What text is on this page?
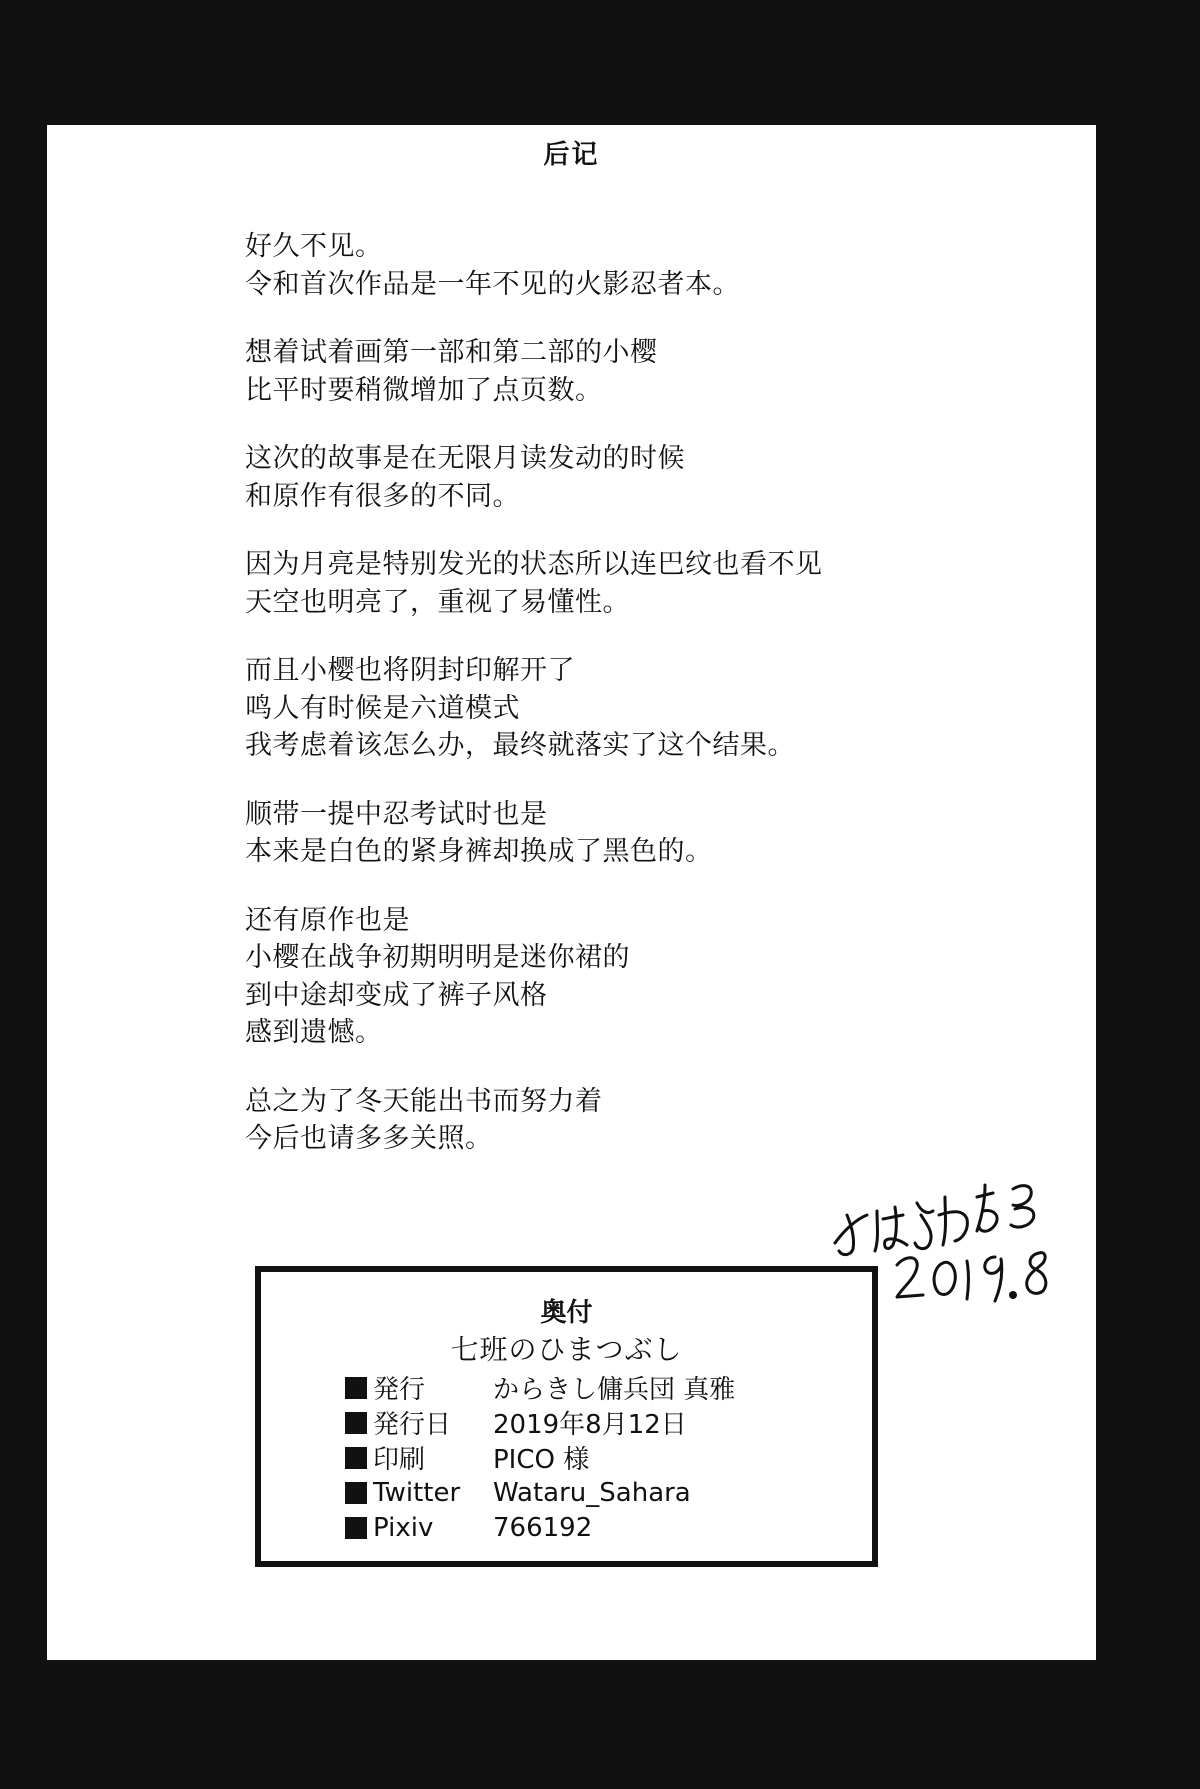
后记
好久不见。
令和首次作品是一年不见的火影忍者本。
想着试着画第一部和第二部的小樱
比平时要稍微增加了点页数。
这次的故事是在无限月读发动的时候
和原作有很多的不同。
因为月亮是特别发光的状态所以连巴纹也看不见
天空也明亮了，重视了易懂性。
而且小樱也将阴封印解开了
鸣人有时候是六道模式
我考虑着该怎么办，最终就落实了这个结果。
顺带一提中忍考试时也是
本来是白色的紧身裤却换成了黑色的。
还有原作也是
小樱在战争初期明明是迷你裙的
到中途却变成了裤子风格
感到遗憾。
总之为了冬天能出书而努力着
今后也请多多关照。
奥付
七班のひまつぶし
発行	からきし傭兵団 真雅
発行日	2019年8月12日
印刷	PICO 様
Twitter	Wataru_Sahara
Pixiv	766192
